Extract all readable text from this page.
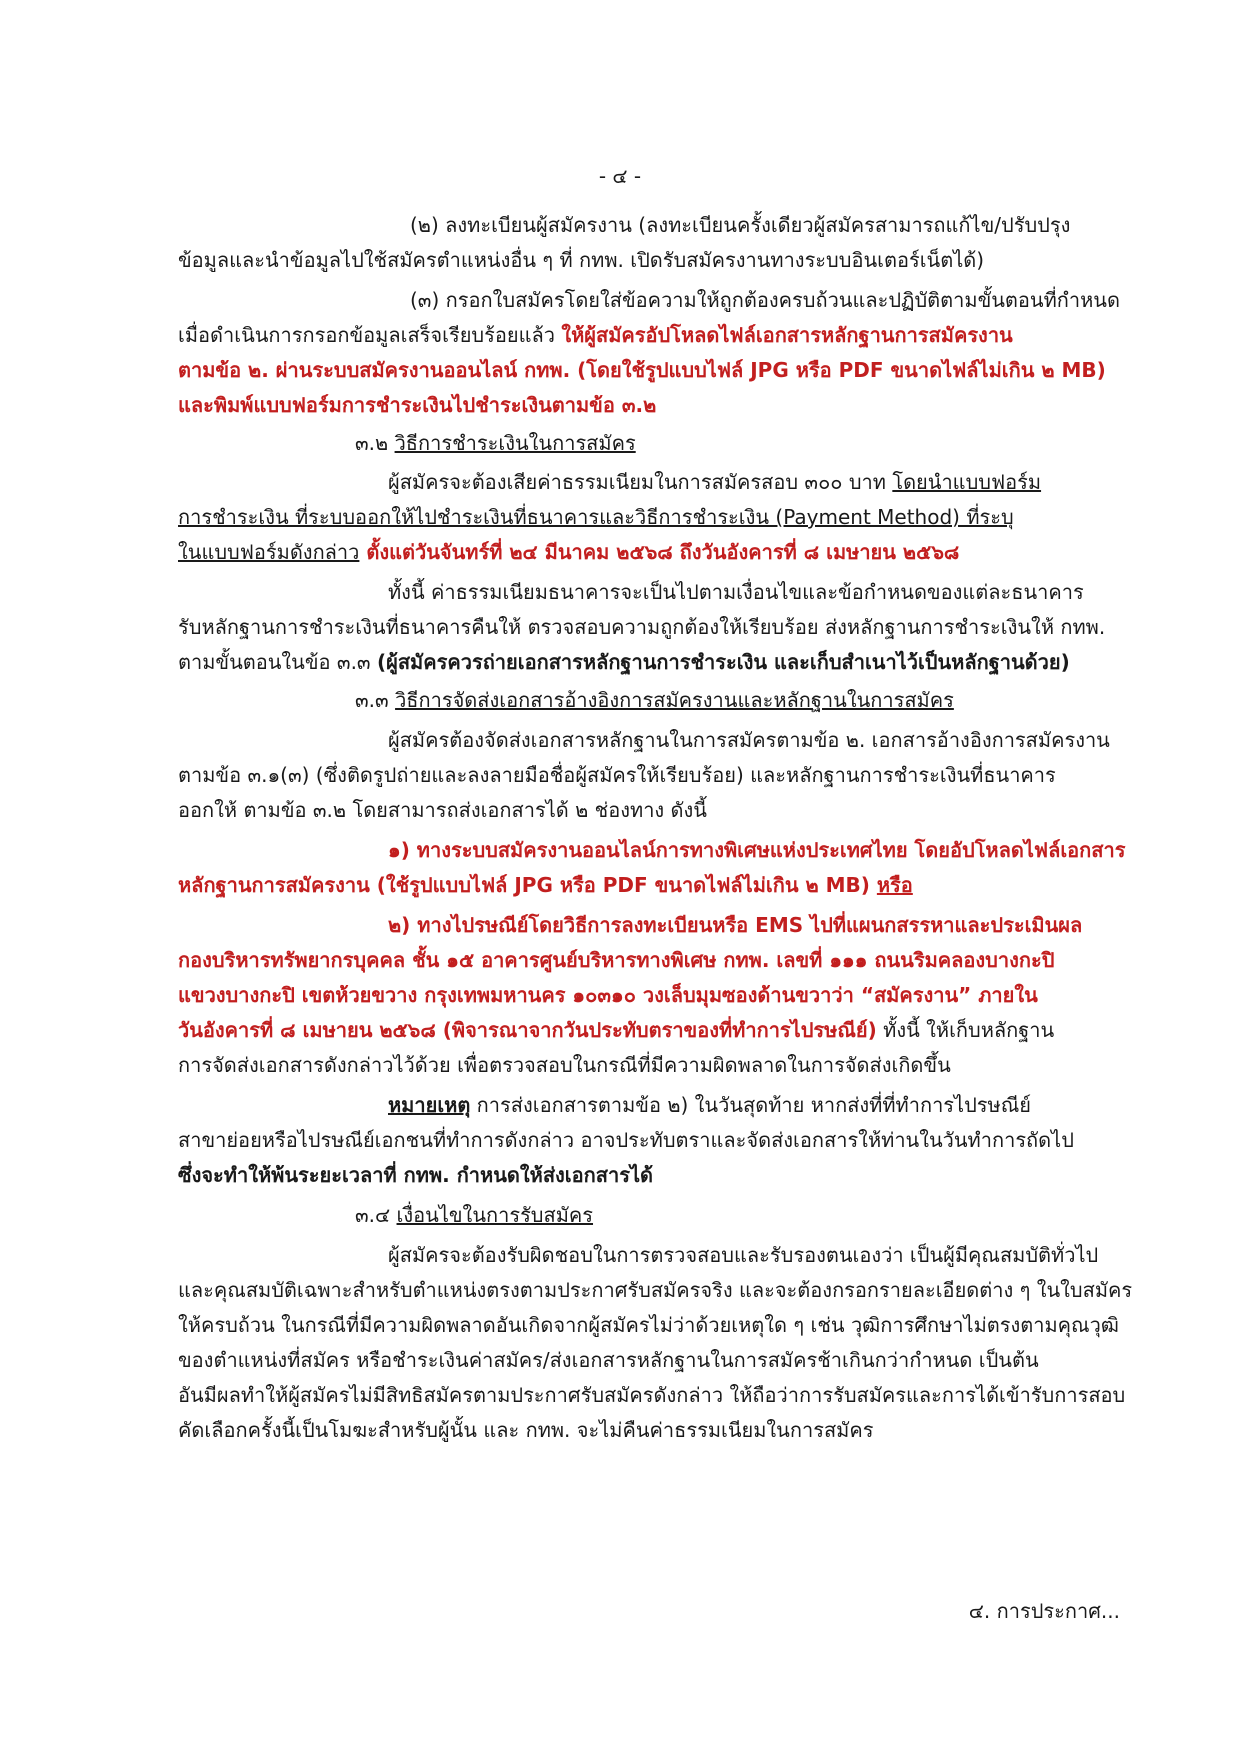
- ๔ -
(๒) ลงทะเบียนผู้สมัครงาน (ลงทะเบียนครั้งเดียวผู้สมัครสามารถแก้ไข/ปรับปรุง
ข้อมูลและนำข้อมูลไปใช้สมัครตำแหน่งอื่น ๆ ที่ กทพ. เปิดรับสมัครงานทางระบบอินเตอร์เน็ตได้)
(๓) กรอกใบสมัครโดยใส่ข้อความให้ถูกต้องครบถ้วนและปฏิบัติตามขั้นตอนที่กำหนด
เมื่อดำเนินการกรอกข้อมูลเสร็จเรียบร้อยแล้ว ให้ผู้สมัครอัปโหลดไฟล์เอกสารหลักฐานการสมัครงาน
ตามข้อ ๒. ผ่านระบบสมัครงานออนไลน์ กทพ. (โดยใช้รูปแบบไฟล์ JPG หรือ PDF ขนาดไฟล์ไม่เกิน ๒ MB)
และพิมพ์แบบฟอร์มการชำระเงินไปชำระเงินตามข้อ ๓.๒
๓.๒ วิธีการชำระเงินในการสมัคร
ผู้สมัครจะต้องเสียค่าธรรมเนียมในการสมัครสอบ ๓๐๐ บาท โดยนำแบบฟอร์ม
การชำระเงิน ที่ระบบออกให้ไปชำระเงินที่ธนาคารและวิธีการชำระเงิน (Payment Method) ที่ระบุ
ในแบบฟอร์มดังกล่าว ตั้งแต่วันจันทร์ที่ ๒๔ มีนาคม ๒๕๖๘ ถึงวันอังคารที่ ๘ เมษายน ๒๕๖๘
ทั้งนี้ ค่าธรรมเนียมธนาคารจะเป็นไปตามเงื่อนไขและข้อกำหนดของแต่ละธนาคาร
รับหลักฐานการชำระเงินที่ธนาคารคืนให้ ตรวจสอบความถูกต้องให้เรียบร้อย ส่งหลักฐานการชำระเงินให้ กทพ.
ตามขั้นตอนในข้อ ๓.๓ (ผู้สมัครควรถ่ายเอกสารหลักฐานการชำระเงิน และเก็บสำเนาไว้เป็นหลักฐานด้วย)
๓.๓ วิธีการจัดส่งเอกสารอ้างอิงการสมัครงานและหลักฐานในการสมัคร
ผู้สมัครต้องจัดส่งเอกสารหลักฐานในการสมัครตามข้อ ๒. เอกสารอ้างอิงการสมัครงาน
ตามข้อ ๓.๑(๓) (ซึ่งติดรูปถ่ายและลงลายมือชื่อผู้สมัครให้เรียบร้อย) และหลักฐานการชำระเงินที่ธนาคาร
ออกให้ ตามข้อ ๓.๒ โดยสามารถส่งเอกสารได้ ๒ ช่องทาง ดังนี้
๑) ทางระบบสมัครงานออนไลน์การทางพิเศษแห่งประเทศไทย โดยอัปโหลดไฟล์เอกสาร
หลักฐานการสมัครงาน (ใช้รูปแบบไฟล์ JPG หรือ PDF ขนาดไฟล์ไม่เกิน ๒ MB) หรือ
๒) ทางไปรษณีย์โดยวิธีการลงทะเบียนหรือ EMS ไปที่แผนกสรรหาและประเมินผล
กองบริหารทรัพยากรบุคคล ชั้น ๑๕ อาคารศูนย์บริหารทางพิเศษ กทพ. เลขที่ ๑๑๑ ถนนริมคลองบางกะปิ
แขวงบางกะปิ เขตห้วยขวาง กรุงเทพมหานคร ๑๐๓๑๐ วงเล็บมุมซองด้านขวาว่า “สมัครงาน” ภายใน
วันอังคารที่ ๘ เมษายน ๒๕๖๘ (พิจารณาจากวันประทับตราของที่ทำการไปรษณีย์) ทั้งนี้ ให้เก็บหลักฐาน
การจัดส่งเอกสารดังกล่าวไว้ด้วย เพื่อตรวจสอบในกรณีที่มีความผิดพลาดในการจัดส่งเกิดขึ้น
หมายเหตุ การส่งเอกสารตามข้อ ๒) ในวันสุดท้าย หากส่งที่ที่ทำการไปรษณีย์
สาขาย่อยหรือไปรษณีย์เอกชนที่ทำการดังกล่าว อาจประทับตราและจัดส่งเอกสารให้ท่านในวันทำการถัดไป
ซึ่งจะทำให้พ้นระยะเวลาที่ กทพ. กำหนดให้ส่งเอกสารได้
๓.๔ เงื่อนไขในการรับสมัคร
ผู้สมัครจะต้องรับผิดชอบในการตรวจสอบและรับรองตนเองว่า เป็นผู้มีคุณสมบัติทั่วไป
และคุณสมบัติเฉพาะสำหรับตำแหน่งตรงตามประกาศรับสมัครจริง และจะต้องกรอกรายละเอียดต่าง ๆ ในใบสมัคร
ให้ครบถ้วน ในกรณีที่มีความผิดพลาดอันเกิดจากผู้สมัครไม่ว่าด้วยเหตุใด ๆ เช่น วุฒิการศึกษาไม่ตรงตามคุณวุฒิ
ของตำแหน่งที่สมัคร หรือชำระเงินค่าสมัคร/ส่งเอกสารหลักฐานในการสมัครช้าเกินกว่ากำหนด เป็นต้น
อันมีผลทำให้ผู้สมัครไม่มีสิทธิสมัครตามประกาศรับสมัครดังกล่าว ให้ถือว่าการรับสมัครและการได้เข้ารับการสอบ
คัดเลือกครั้งนี้เป็นโมฆะสำหรับผู้นั้น และ กทพ. จะไม่คืนค่าธรรมเนียมในการสมัคร
๔. การประกาศ...
